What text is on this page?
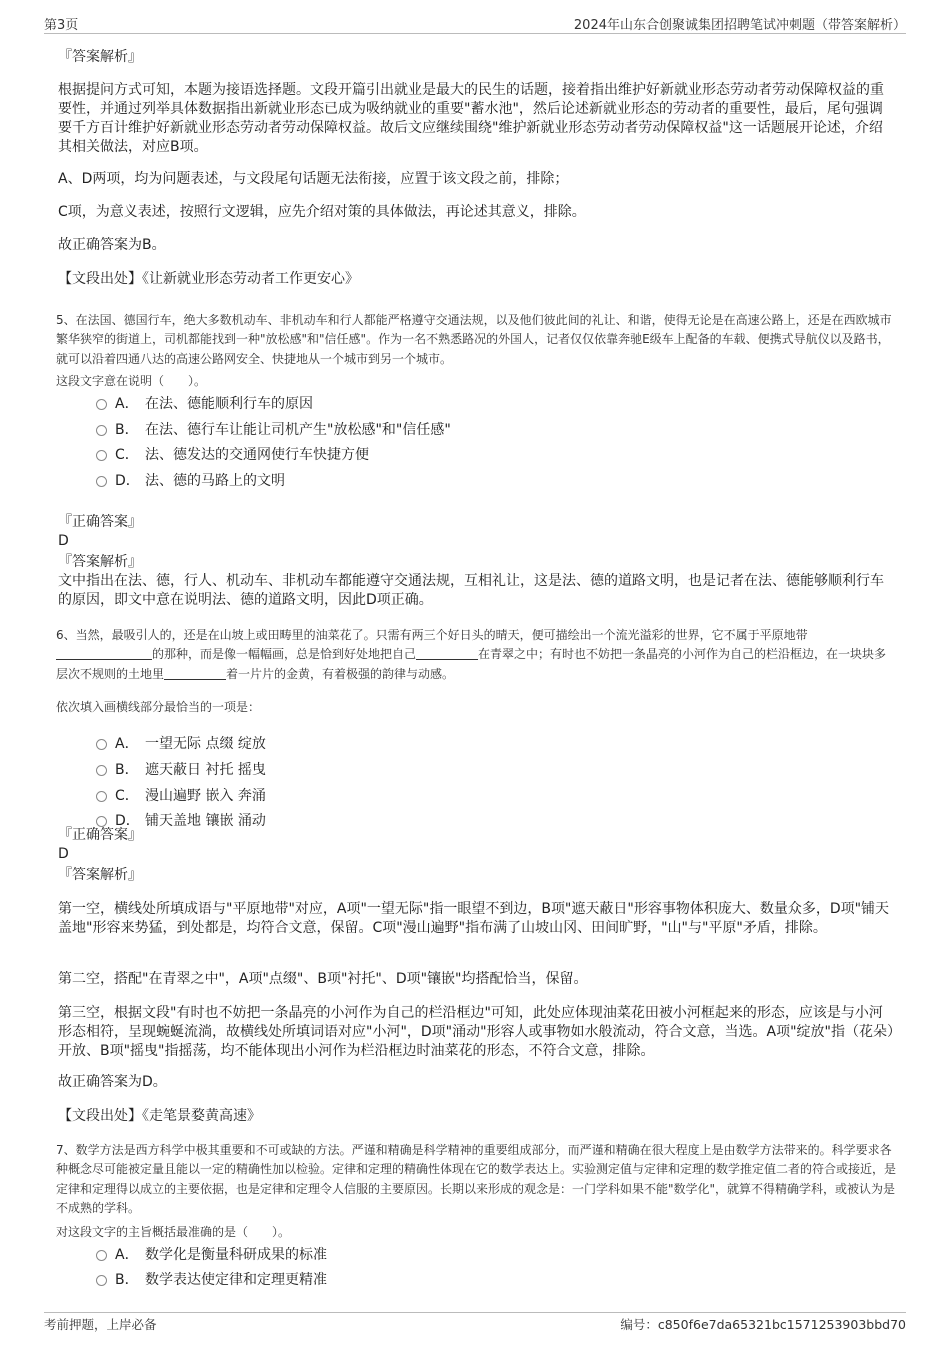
第3页	2024年山东合创聚诚集团招聘笔试冲刺题（带答案解析）

『答案解析』

根据提问方式可知，本题为接语选择题。文段开篇引出就业是最大的民生的话题，接着指出维护好新就业形态劳动者劳动保障权益的重要性，并通过列举具体数据指出新就业形态已成为吸纳就业的重要"蓄水池"，然后论述新就业形态的劳动者的重要性，最后，尾句强调要千方百计维护好新就业形态劳动者劳动保障权益。故后文应继续围绕"维护新就业形态劳动者劳动保障权益"这一话题展开论述，介绍其相关做法，对应B项。

A、D两项，均为问题表述，与文段尾句话题无法衔接，应置于该文段之前，排除；

C项，为意义表述，按照行文逻辑，应先介绍对策的具体做法，再论述其意义，排除。

故正确答案为B。

【文段出处】《让新就业形态劳动者工作更安心》

5、在法国、德国行车，绝大多数机动车、非机动车和行人都能严格遵守交通法规，以及他们彼此间的礼让、和谐，使得无论是在高速公路上，还是在西欧城市繁华狭窄的街道上，司机都能找到一种"放松感"和"信任感"。作为一名不熟悉路况的外国人，记者仅仅依靠奔驰E级车上配备的车载、便携式导航仪以及路书，就可以沿着四通八达的高速公路网安全、快捷地从一个城市到另一个城市。

这段文字意在说明（　　）。

A． 在法、德能顺利行车的原因
B． 在法、德行车让能让司机产生"放松感"和"信任感"
C． 法、德发达的交通网使行车快捷方便
D． 法、德的马路上的文明

『正确答案』

D

『答案解析』

文中指出在法、德，行人、机动车、非机动车都能遵守交通法规，互相礼让，这是法、德的道路文明，也是记者在法、德能够顺利行车的原因，即文中意在说明法、德的道路文明，因此D项正确。

6、当然，最吸引人的，还是在山坡上或田畴里的油菜花了。只需有两三个好日头的晴天，便可描绘出一个流光溢彩的世界，它不属于平原地带的那种，而是像一幅幅画，总是恰到好处地把自己	在青翠之中；有时也不妨把一条晶亮的小河作为自己的栏沿框边，在一块块多层次不规则的土地里	着一片片的金黄，有着极强的韵律与动感。

依次填入画横线部分最恰当的一项是：

A． 一望无际 点缀 绽放
B． 遮天蔽日 衬托 摇曳
C． 漫山遍野 嵌入 奔涌
D． 铺天盖地 镶嵌 涌动

『正确答案』

D

『答案解析』

第一空，横线处所填成语与"平原地带"对应，A项"一望无际"指一眼望不到边，B项"遮天蔽日"形容事物体积庞大、数量众多，D项"铺天盖地"形容来势猛，到处都是，均符合文意，保留。C项"漫山遍野"指布满了山坡山冈、田间旷野，"山"与"平原"矛盾，排除。

第二空，搭配"在青翠之中"，A项"点缀"、B项"衬托"、D项"镶嵌"均搭配恰当，保留。

第三空，根据文段"有时也不妨把一条晶亮的小河作为自己的栏沿框边"可知，此处应体现油菜花田被小河框起来的形态，应该是与小河形态相符，呈现蜿蜒流淌，故横线处所填词语对应"小河"，D项"涌动"形容人或事物如水般流动，符合文意，当选。A项"绽放"指（花朵）开放、B项"摇曳"指摇荡，均不能体现出小河作为栏沿框边时油菜花的形态，不符合文意，排除。

故正确答案为D。

【文段出处】《走笔景婺黄高速》

7、数学方法是西方科学中极其重要和不可或缺的方法。严谨和精确是科学精神的重要组成部分，而严谨和精确在很大程度上是由数学方法带来的。科学要求各种概念尽可能被定量且能以一定的精确性加以检验。定律和定理的精确性体现在它的数学表达上。实验测定值与定律和定理的数学推定值二者的符合或接近，是定律和定理得以成立的主要依据，也是定律和定理令人信服的主要原因。长期以来形成的观念是：一门学科如果不能"数学化"，就算不得精确学科，或被认为是不成熟的学科。

对这段文字的主旨概括最准确的是（　　）。

A． 数学化是衡量科研成果的标准
B． 数学表达使定律和定理更精准
考前押题，上岸必备	编号：c850f6e7da65321bc1571253903bbd70
